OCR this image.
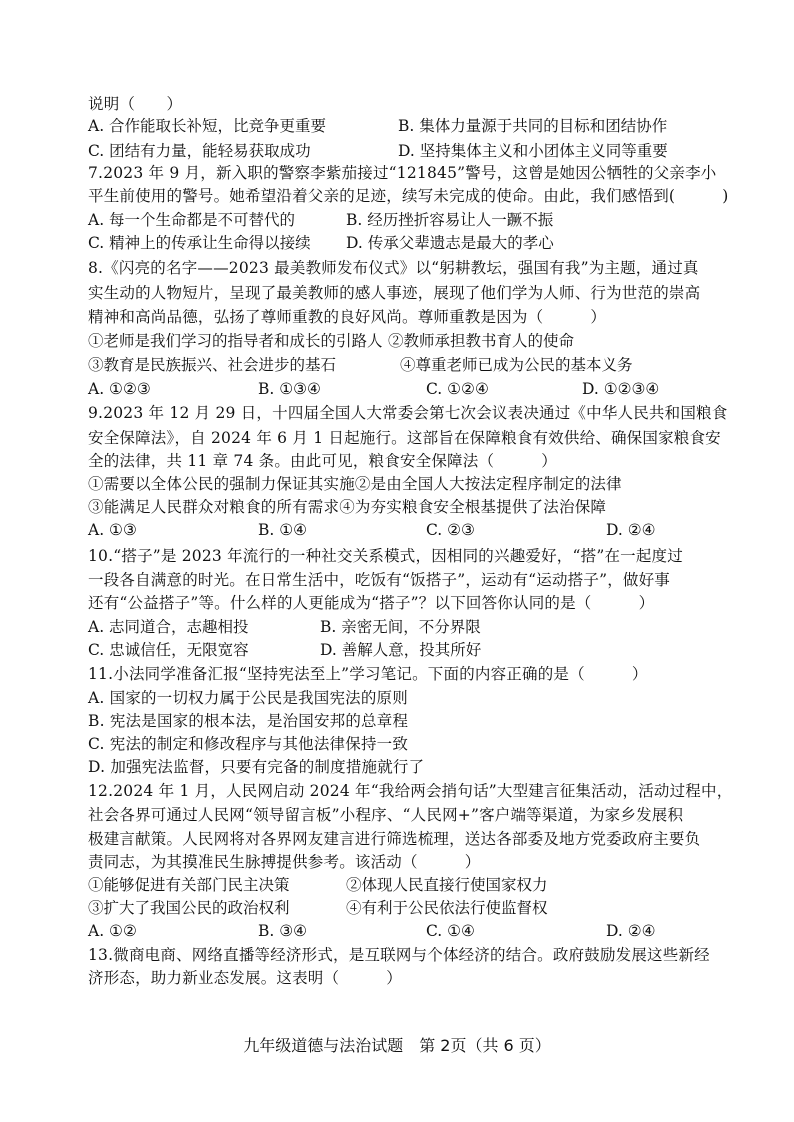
说明（　　）
A. 合作能取长补短，比竞争更重要	B. 集体力量源于共同的目标和团结协作
C. 团结有力量，能轻易获取成功	D. 坚持集体主义和小团体主义同等重要
7.2023 年 9 月，新入职的警察李紫茄接过“121845”警号，这曾是她因公牺牲的父亲李小
平生前使用的警号。她希望沿着父亲的足迹，续写未完成的使命。由此，我们感悟到(　　　)
A. 每一个生命都是不可替代的	B. 经历挫折容易让人一蹶不振
C. 精神上的传承让生命得以接续 D. 传承父辈遗志是最大的孝心
8.《闪亮的名字——2023 最美教师发布仪式》以“躬耕教坛，强国有我”为主题，通过真
实生动的人物短片，呈现了最美教师的感人事迹，展现了他们学为人师、行为世范的崇高
精神和高尚品德，弘扬了尊师重教的良好风尚。尊师重教是因为（　　　）
①老师是我们学习的指导者和成长的引路人 ②教师承担教书育人的使命
③教育是民族振兴、社会进步的基石	④尊重老师已成为公民的基本义务
A. ①②③	B. ①③④	C. ①②④	D. ①②③④
9.2023 年 12 月 29 日，十四届全国人大常委会第七次会议表决通过《中华人民共和国粮食
安全保障法》，自 2024 年 6 月 1 日起施行。这部旨在保障粮食有效供给、确保国家粮食安
全的法律，共 11 章 74 条。由此可见，粮食安全保障法（　　　）
①需要以全体公民的强制力保证其实施②是由全国人大按法定程序制定的法律
③能满足人民群众对粮食的所有需求④为夯实粮食安全根基提供了法治保障
A. ①③	B. ①④	C. ②③	D. ②④
10.“搭子”是 2023 年流行的一种社交关系模式，因相同的兴趣爱好，“搭”在一起度过
一段各自满意的时光。在日常生活中，吃饭有“饭搭子”，运动有“运动搭子”，做好事
还有“公益搭子”等。什么样的人更能成为“搭子”？以下回答你认同的是（　　　）
A. 志同道合，志趣相投	B. 亲密无间，不分界限
C. 忠诚信任，无限宽容	D. 善解人意，投其所好
11.小法同学准备汇报“坚持宪法至上”学习笔记。下面的内容正确的是（　　　）
A. 国家的一切权力属于公民是我国宪法的原则
B. 宪法是国家的根本法，是治国安邦的总章程
C. 宪法的制定和修改程序与其他法律保持一致
D. 加强宪法监督，只要有完备的制度措施就行了
12.2024 年 1 月，人民网启动 2024 年“我给两会捎句话”大型建言征集活动，活动过程中，
社会各界可通过人民网“领导留言板”小程序、“人民网+”客户端等渠道，为家乡发展积
极建言献策。人民网将对各界网友建言进行筛选梳理，送达各部委及地方党委政府主要负
责同志，为其摸准民生脉搏提供参考。该活动（　　　）
①能够促进有关部门民主决策	②体现人民直接行使国家权力
③扩大了我国公民的政治权利	④有利于公民依法行使监督权
A. ①②	B. ③④	C. ①④	D. ②④
13.微商电商、网络直播等经济形式，是互联网与个体经济的结合。政府鼓励发展这些新经
济形态，助力新业态发展。这表明（　　　）
九年级道德与法治试题　第 2页（共 6 页）
